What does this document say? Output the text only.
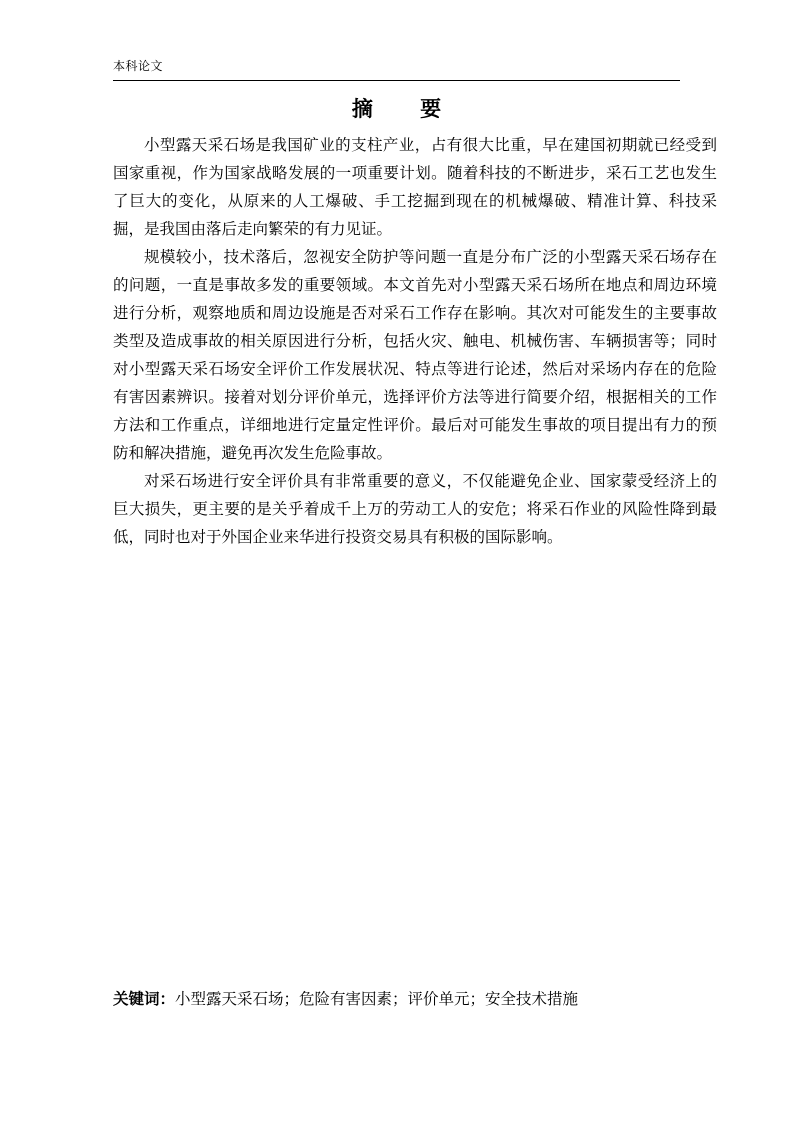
本科论文
摘 要

小型露天采石场是我国矿业的支柱产业，占有很大比重，早在建国初期就已经受到国家重视，作为国家战略发展的一项重要计划。随着科技的不断进步，采石工艺也发生了巨大的变化，从原来的人工爆破、手工挖掘到现在的机械爆破、精准计算、科技采掘，是我国由落后走向繁荣的有力见证。

规模较小，技术落后，忽视安全防护等问题一直是分布广泛的小型露天采石场存在的问题，一直是事故多发的重要领域。本文首先对小型露天采石场所在地点和周边环境进行分析，观察地质和周边设施是否对采石工作存在影响。其次对可能发生的主要事故类型及造成事故的相关原因进行分析，包括火灾、触电、机械伤害、车辆损害等；同时对小型露天采石场安全评价工作发展状况、特点等进行论述，然后对采场内存在的危险有害因素辨识。接着对划分评价单元，选择评价方法等进行简要介绍，根据相关的工作方法和工作重点，详细地进行定量定性评价。最后对可能发生事故的项目提出有力的预防和解决措施，避免再次发生危险事故。

对采石场进行安全评价具有非常重要的意义，不仅能避免企业、国家蒙受经济上的巨大损失，更主要的是关乎着成千上万的劳动工人的安危；将采石作业的风险性降到最低，同时也对于外国企业来华进行投资交易具有积极的国际影响。

关键词：小型露天采石场；危险有害因素；评价单元；安全技术措施
